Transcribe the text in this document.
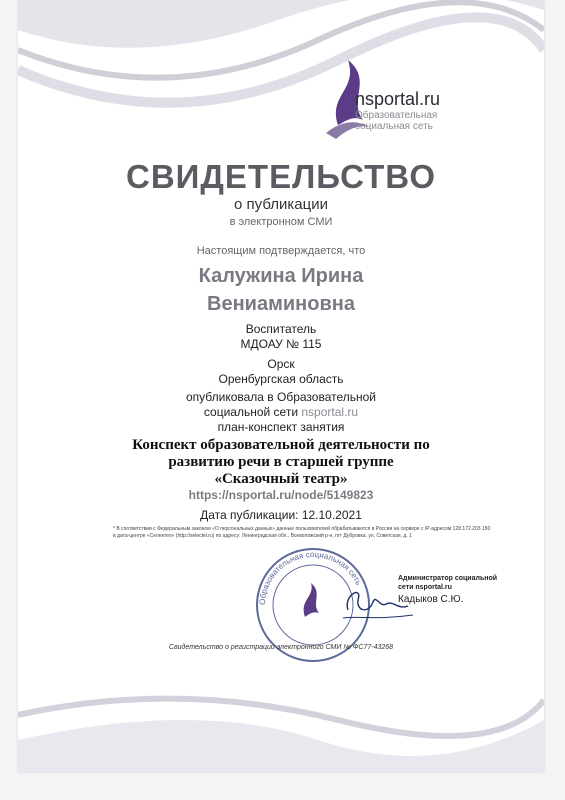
nsportal.ru
Образовательная
социальная сеть
СВИДЕТЕЛЬСТВО
о публикации
в электронном СМИ
Настоящим подтверждается, что
Калужина Ирина
Вениаминовна
Воспитатель
МДОАУ № 115
Орск
Оренбургская область
опубликовала в Образовательной
социальной сети nsportal.ru
план-конспект занятия
Конспект образовательной деятельности по
развитию речи в старшей группе
«Сказочный театр»
https://nsportal.ru/node/5149823
Дата публикации: 12.10.2021
* В соответствии с Федеральным законом «О персональных данных» данные пользователей обрабатываются в России на сервере с IP-адресом 128.172.203.150 в дата-центре «Селектел» (http://selectel.ru) по адресу: Ленинградская обл., Всеволожский р-н, пгт Дубровка, ул. Советская, д. 1
Образовательная социальная сеть
Администратор социальной
сети nsportal.ru
Кадыков С.Ю.
Свидетельство о регистрации электронного СМИ № ФС77-43268
